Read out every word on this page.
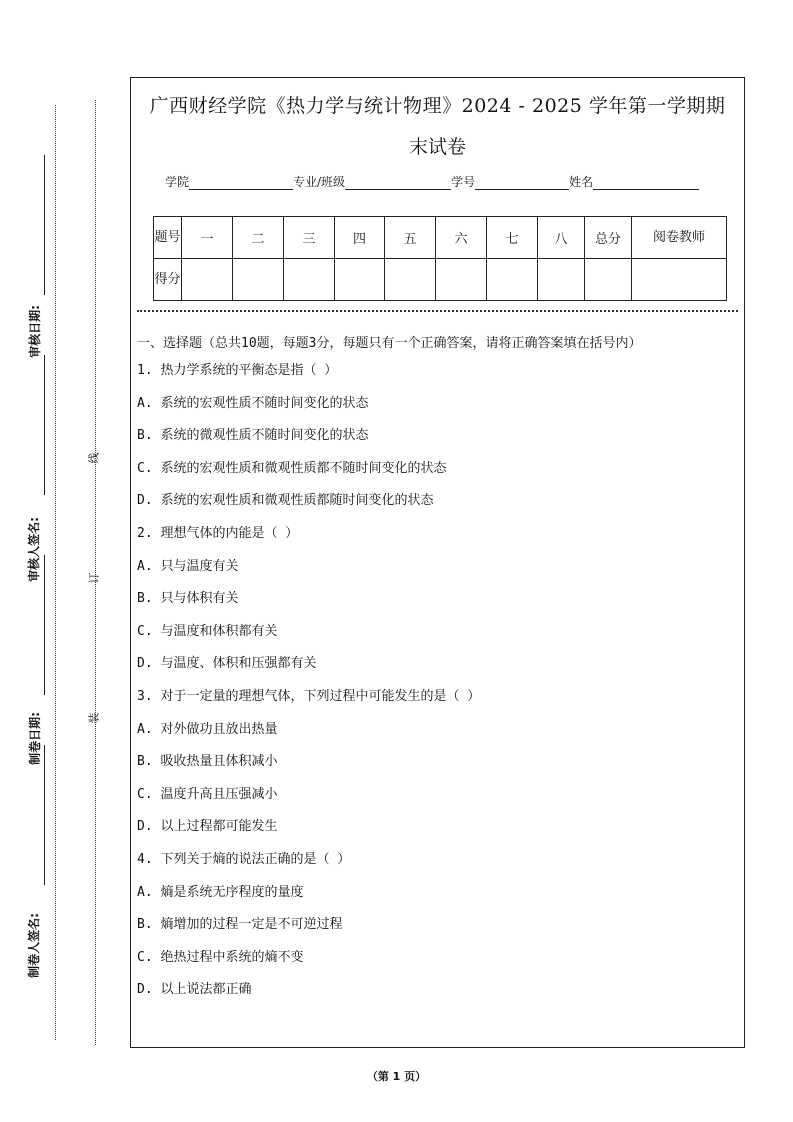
审核日期:
审核人签名:
制卷日期:
制卷人签名:
线
订
装
广西财经学院《热力学与统计物理》2024 - 2025 学年第一学期期
末试卷
学院	专业/班级	学号	姓名
题号	一	二	三	四	五	六	七	八	总分	阅卷教师
得分										
一、选择题（总共10题，每题3分，每题只有一个正确答案，请将正确答案填在括号内）
1. 热力学系统的平衡态是指（ ）
A. 系统的宏观性质不随时间变化的状态
B. 系统的微观性质不随时间变化的状态
C. 系统的宏观性质和微观性质都不随时间变化的状态
D. 系统的宏观性质和微观性质都随时间变化的状态
2. 理想气体的内能是（ ）
A. 只与温度有关
B. 只与体积有关
C. 与温度和体积都有关
D. 与温度、体积和压强都有关
3. 对于一定量的理想气体，下列过程中可能发生的是（ ）
A. 对外做功且放出热量
B. 吸收热量且体积减小
C. 温度升高且压强减小
D. 以上过程都可能发生
4. 下列关于熵的说法正确的是（ ）
A. 熵是系统无序程度的量度
B. 熵增加的过程一定是不可逆过程
C. 绝热过程中系统的熵不变
D. 以上说法都正确
（第 1 页）
